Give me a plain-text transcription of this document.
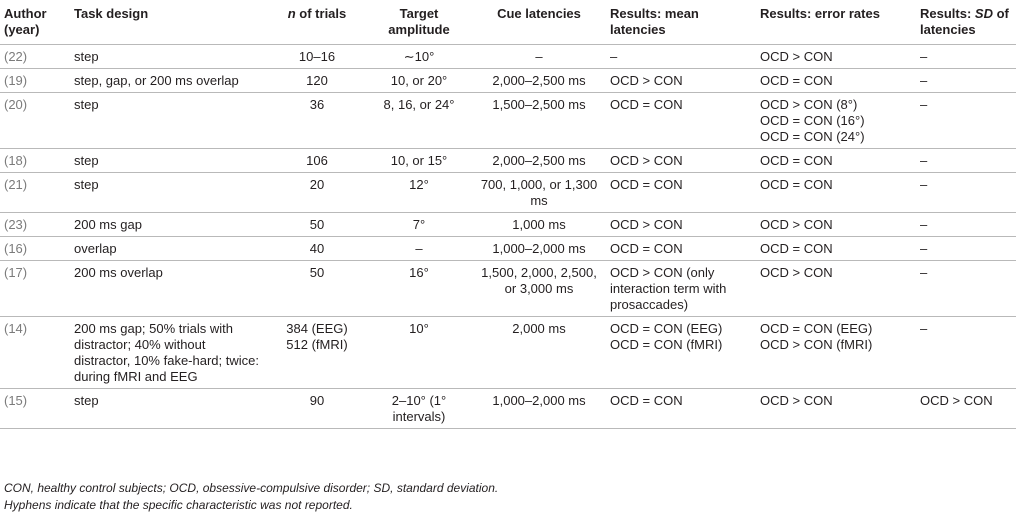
Author (year)	Task design	n of trials	Target amplitude	Cue latencies	Results: mean latencies	Results: error rates	Results: SD of latencies
(22)	step	10–16	∼10°	–	–	OCD > CON	–
(19)	step, gap, or 200 ms overlap	120	10, or 20°	2,000–2,500 ms	OCD > CON	OCD = CON	–
(20)	step	36	8, 16, or 24°	1,500–2,500 ms	OCD = CON	OCD > CON (8°)
OCD = CON (16°)
OCD = CON (24°)	–
(18)	step	106	10, or 15°	2,000–2,500 ms	OCD > CON	OCD = CON	–
(21)	step	20	12°	700, 1,000, or 1,300 ms	OCD = CON	OCD = CON	–
(23)	200 ms gap	50	7°	1,000 ms	OCD > CON	OCD > CON	–
(16)	overlap	40	–	1,000–2,000 ms	OCD = CON	OCD = CON	–
(17)	200 ms overlap	50	16°	1,500, 2,000, 2,500, or 3,000 ms	OCD > CON (only interaction term with prosaccades)	OCD > CON	–
(14)	200 ms gap; 50% trials with distractor; 40% without distractor, 10% fake-hard; twice: during fMRI and EEG	384 (EEG)
512 (fMRI)	10°	2,000 ms	OCD = CON (EEG)
OCD = CON (fMRI)	OCD = CON (EEG)
OCD > CON (fMRI)	–
(15)	step	90	2–10° (1° intervals)	1,000–2,000 ms	OCD = CON	OCD > CON	OCD > CON
CON, healthy control subjects; OCD, obsessive-compulsive disorder; SD, standard deviation.
Hyphens indicate that the specific characteristic was not reported.
